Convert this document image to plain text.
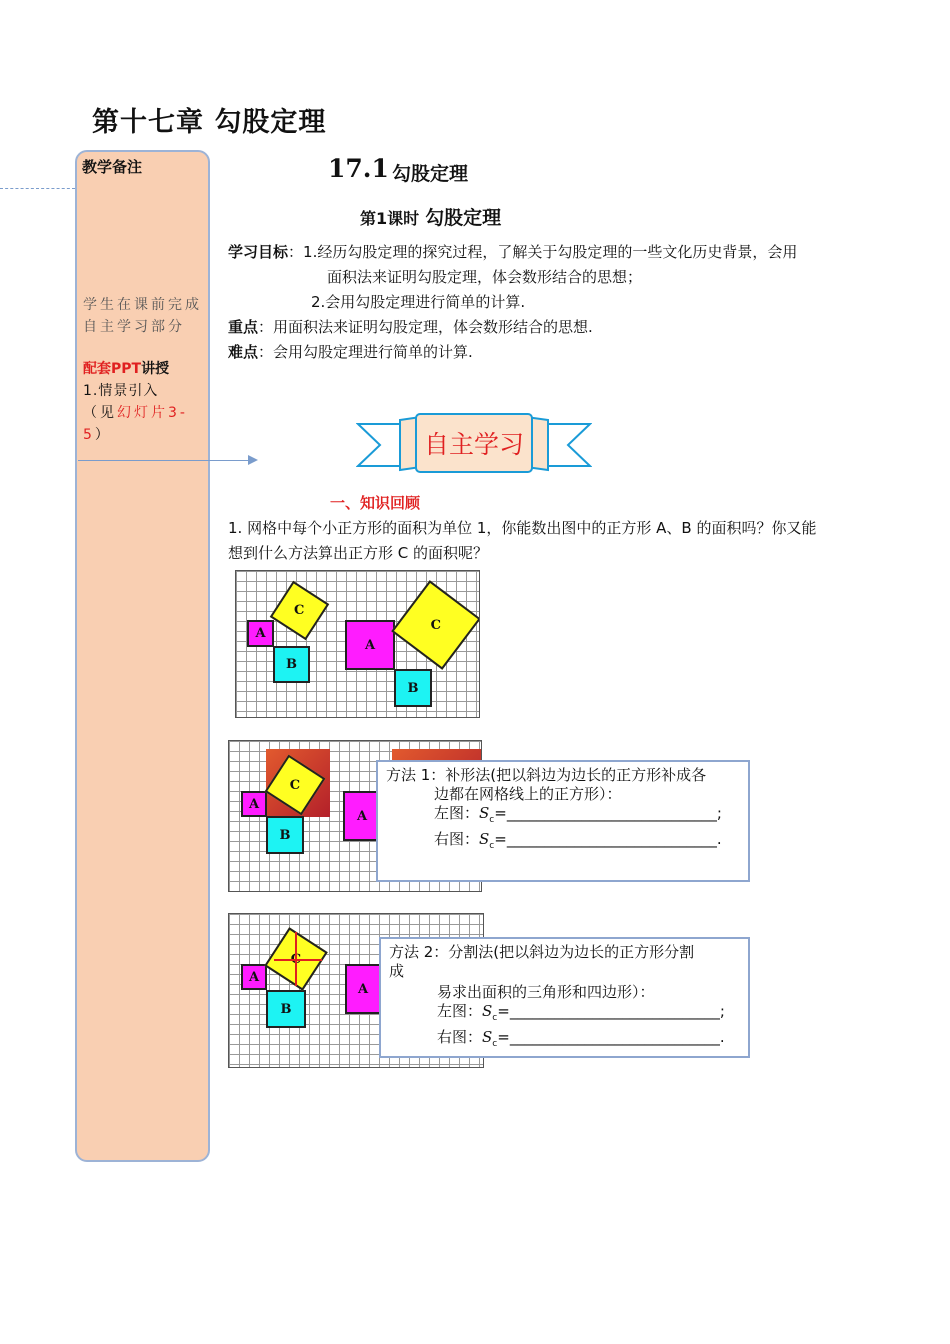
第十七章 勾股定理
教学备注
学生在课前完成自主学习部分
配套PPT讲授
1.情景引入
（见幻灯片3-5）
17.1 勾股定理
第1课时 勾股定理
学习目标：1.经历勾股定理的探究过程，了解关于勾股定理的一些文化历史背景，会用
面积法来证明勾股定理，体会数形结合的思想；
2.会用勾股定理进行简单的计算.
重点：用面积法来证明勾股定理，体会数形结合的思想.
难点：会用勾股定理进行简单的计算.
自主学习
一、知识回顾
1. 网格中每个小正方形的面积为单位 1，你能数出图中的正方形 A、B 的面积吗？你又能
想到什么方法算出正方形 C 的面积呢？
A
B
C
A
B
C
A
B
C
A
方法 1：补形法(把以斜边为边长的正方形补成各
边都在网格线上的正方形）：
左图：$S_c=\_\_\_\_\_\_\_\_\_\_\_\_\_\_\_\_\_\_\_\_\_\_\_\_\_\_\_\_$;
右图：$S_c=\_\_\_\_\_\_\_\_\_\_\_\_\_\_\_\_\_\_\_\_\_\_\_\_\_\_\_\_$.
A
B
A
方法 2：分割法(把以斜边为边长的正方形分割
成
易求出面积的三角形和四边形）：
左图：$S_c=\_\_\_\_\_\_\_\_\_\_\_\_\_\_\_\_\_\_\_\_\_\_\_\_\_\_\_\_$;
右图：$S_c=\_\_\_\_\_\_\_\_\_\_\_\_\_\_\_\_\_\_\_\_\_\_\_\_\_\_\_\_$.
